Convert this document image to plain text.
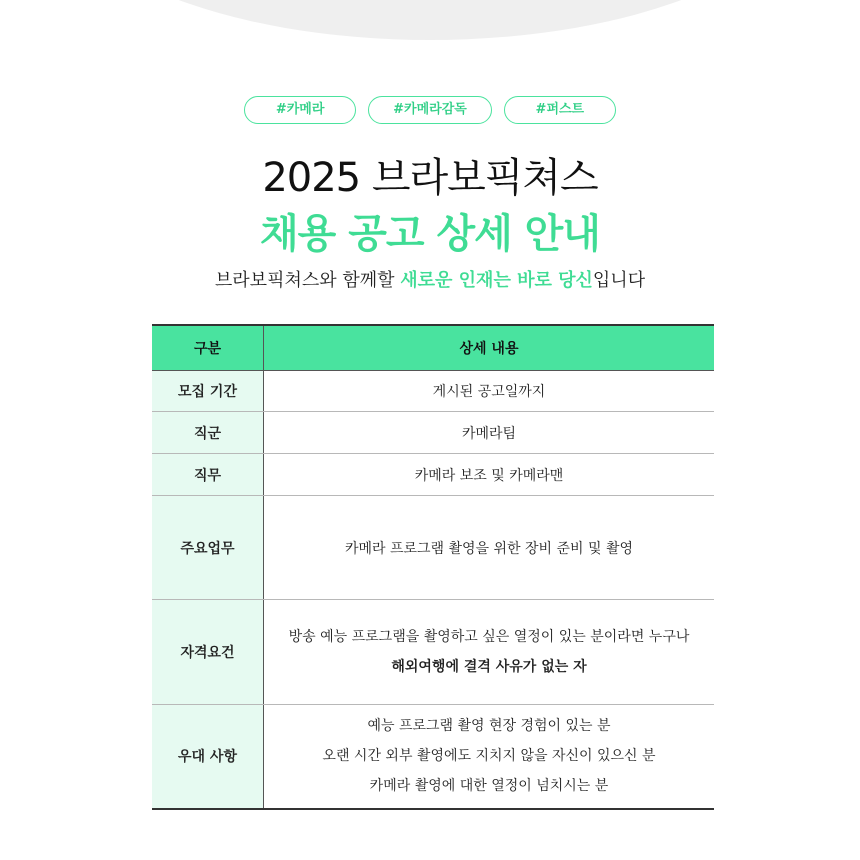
#카메라	#카메라감독	#퍼스트
2025 브라보픽쳐스
채용 공고 상세 안내
브라보픽쳐스와 함께할 새로운 인재는 바로 당신입니다
구분	상세 내용
모집 기간	게시된 공고일까지
직군	카메라팀
직무	카메라 보조 및 카메라맨
주요업무	카메라 프로그램 촬영을 위한 장비 준비 및 촬영
자격요건	방송 예능 프로그램을 촬영하고 싶은 열정이 있는 분이라면 누구나
해외여행에 결격 사유가 없는 자

우대 사항	예능 프로그램 촬영 현장 경험이 있는 분
오랜 시간 외부 촬영에도 지치지 않을 자신이 있으신 분
카메라 촬영에 대한 열정이 넘치시는 분
